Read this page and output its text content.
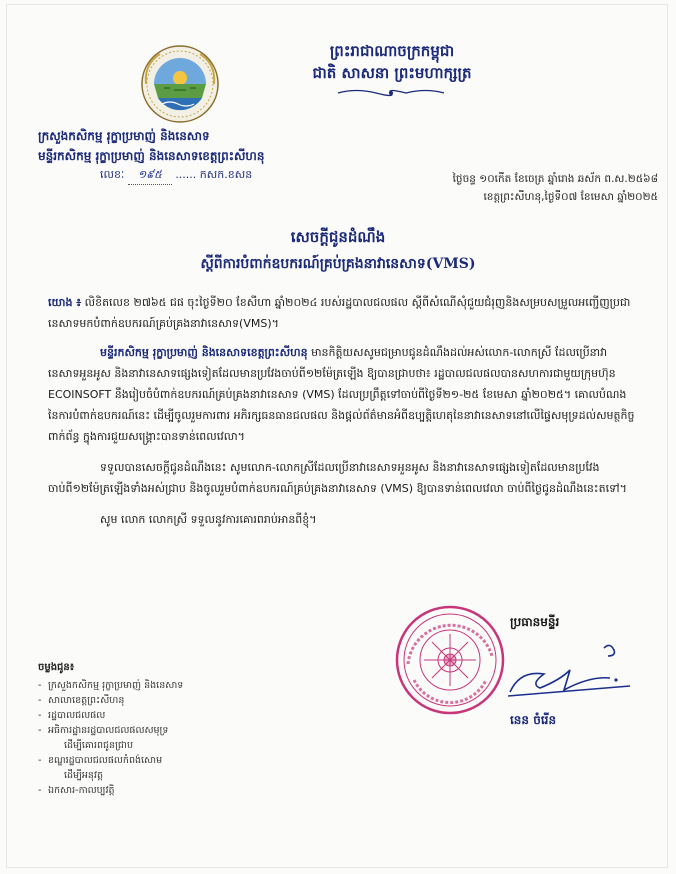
ព្រះរាជាណាចក្រកម្ពុជា
ជាតិ សាសនា ព្រះមហាក្សត្រ
ក្រសួងកសិកម្ម រុក្ខាប្រមាញ់ និងនេសាទ
មន្ទីរកសិកម្ម រុក្ខាប្រមាញ់ និងនេសាទខេត្តព្រះសីហនុ
លេខៈ ១៩៥ ...... កសក.ខសន	ថ្ងៃចន្ទ ១០កើត ខែចេត្រ ឆ្នាំរោង ឆស័ក ព.ស.២៥៦៨
ខេត្តព្រះសីហនុ,ថ្ងៃទី០៧ ខែមេសា ឆ្នាំ២០២៥
សេចក្តីជូនដំណឹង
ស្តីពីការបំពាក់ឧបករណ៍គ្រប់គ្រងនាវានេសាទ(VMS)

យោង ៖ លិខិតលេខ ២៧៦៥ ជផ ចុះថ្ងៃទី២០ ខែសីហា ឆ្នាំ២០២៤ របស់រដ្ឋបាលជលផល ស្តីពីសំណើសុំជួយជំរុញនិងសម្របសម្រួលអញ្ជើញប្រជានេសាទមកបំពាក់ឧបករណ៍គ្រប់គ្រងនាវានេសាទ(VMS)។

មន្ទីរកសិកម្ម រុក្ខាប្រមាញ់ និងនេសាទខេត្តព្រះសីហនុ មានកិត្តិយសសូមជម្រាបជូនដំណឹងដល់អស់លោក-លោកស្រី ដែលប្រើនាវានេសាទអួនអូស និងនាវានេសាទផ្សេងទៀតដែលមានប្រវែងចាប់ពី១២ម៉ែត្រឡើង ឱ្យបានជ្រាបថា៖ រដ្ឋបាលជលផលបានសហការជាមួយក្រុមហ៊ុន ECOINSOFT នឹងរៀបចំបំពាក់ឧបករណ៍គ្រប់គ្រងនាវានេសាទ (VMS) ដែលប្រព្រឹត្តទៅចាប់ពីថ្ងៃទី២១-២៥ ខែមេសា ឆ្នាំ២០២៥។ គោលបំណងនៃការបំពាក់ឧបករណ៍នេះ ដើម្បីចូលរួមការពារ អភិរក្សធនធានជលផល និងផ្តល់ព័ត៌មានអំពីឧប្បត្តិហេតុនៃនាវានេសាទនៅលើផ្ទៃសមុទ្រដល់សមត្ថកិច្ចពាក់ព័ន្ធ ក្នុងការជួយសង្គ្រោះបានទាន់ពេលវេលា។

ទទួលបានសេចក្តីជូនដំណឹងនេះ សូមលោក-លោកស្រីដែលប្រើនាវានេសាទអួនអូស និងនាវានេសាទផ្សេងទៀតដែលមានប្រវែងចាប់ពី១២ម៉ែត្រឡើងទាំងអស់ជ្រាប និងចូលរួមបំពាក់ឧបករណ៍គ្រប់គ្រងនាវានេសាទ (VMS) ឱ្យបានទាន់ពេលវេលា ចាប់ពីថ្ងៃជូនដំណឹងនេះតទៅ។

សូម លោក លោកស្រី ទទួលនូវការគោរពរាប់អានពីខ្ញុំ។

ប្រធានមន្ទីរ
នេន ចំរើន
ចម្លងជូន៖
- ក្រសួងកសិកម្ម រុក្ខាប្រមាញ់ និងនេសាទ
- សាលាខេត្តព្រះសីហនុ
- រដ្ឋបាលជលផល
- អធិការដ្ឋានរដ្ឋបាលជលផលសមុទ្រ
ដើម្បីគោរពជូនជ្រាប
- ខណ្ឌរដ្ឋបាលជលផលកំពង់សោម
ដើម្បីអនុវត្ត
- ឯកសារ-កាលប្បវត្តិ
